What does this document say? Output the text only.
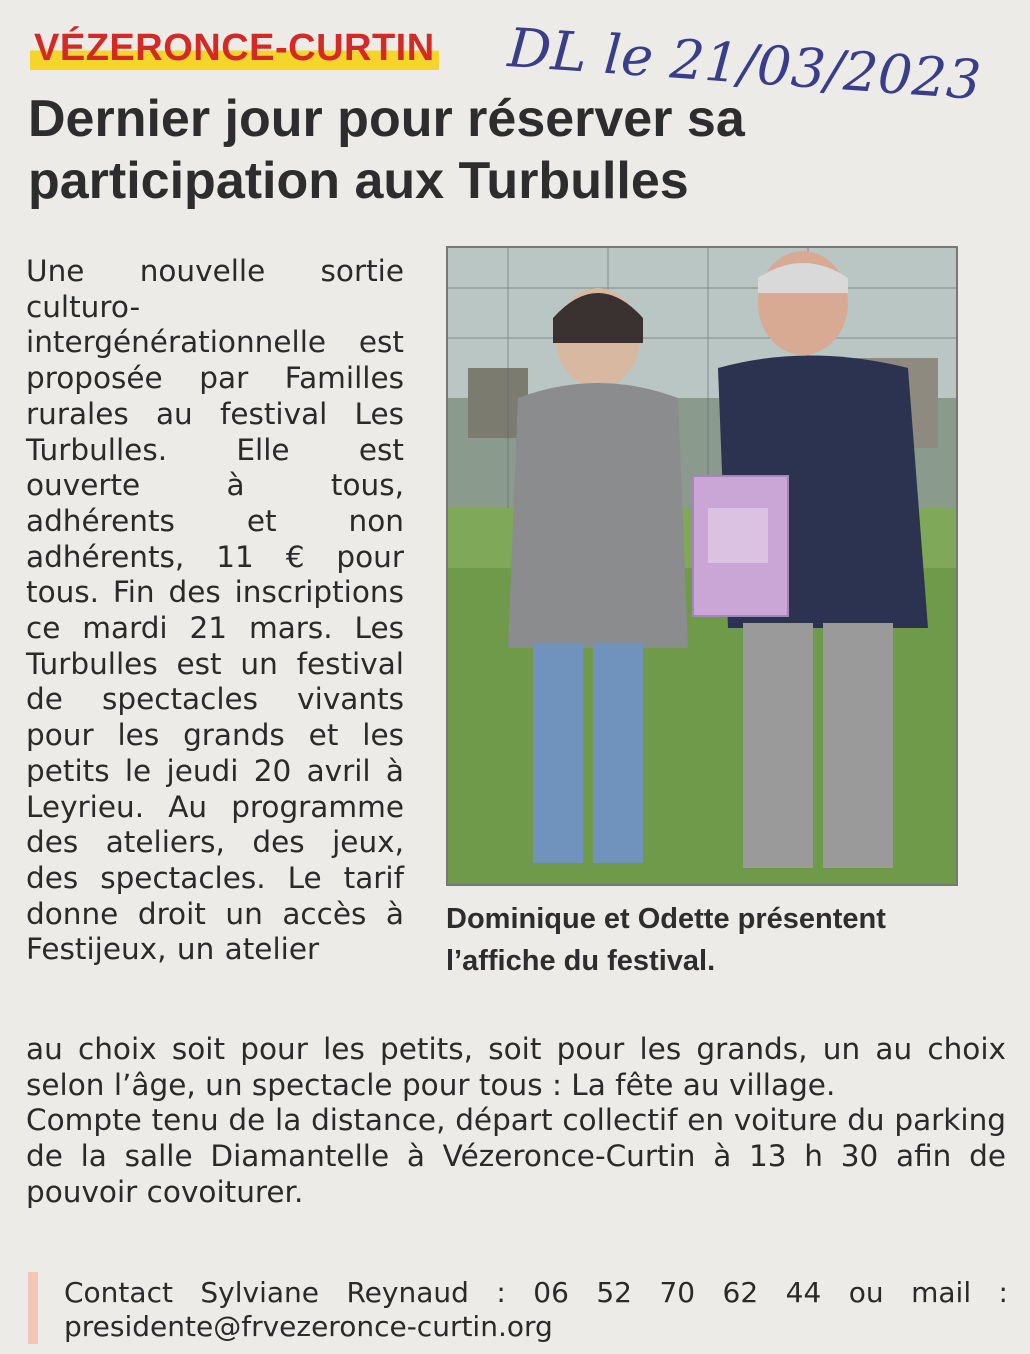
VÉZERONCE-CURTIN DL le 21/03/2023
Dernier jour pour réserver sa participation aux Turbulles

Une nouvelle sortie culturo-intergénérationnelle est proposée par Familles rurales au festival Les Turbulles. Elle est ouverte à tous, adhérents et non adhérents, 11 € pour tous. Fin des inscriptions ce mardi 21 mars. Les Turbulles est un festival de spectacles vivants pour les grands et les petits le jeudi 20 avril à Leyrieu. Au programme des ateliers, des jeux, des spectacles. Le tarif donne droit un accès à Festijeux, un atelier

Dominique et Odette présentent l’affiche du festival.

au choix soit pour les petits, soit pour les grands, un au choix selon l’âge, un spectacle pour tous : La fête au village.

Compte tenu de la distance, départ collectif en voiture du parking de la salle Diamantelle à Vézeronce-Curtin à 13 h 30 afin de pouvoir covoiturer.

Contact Sylviane Reynaud : 06 52 70 62 44 ou mail : presidente@frvezeronce-curtin.org
